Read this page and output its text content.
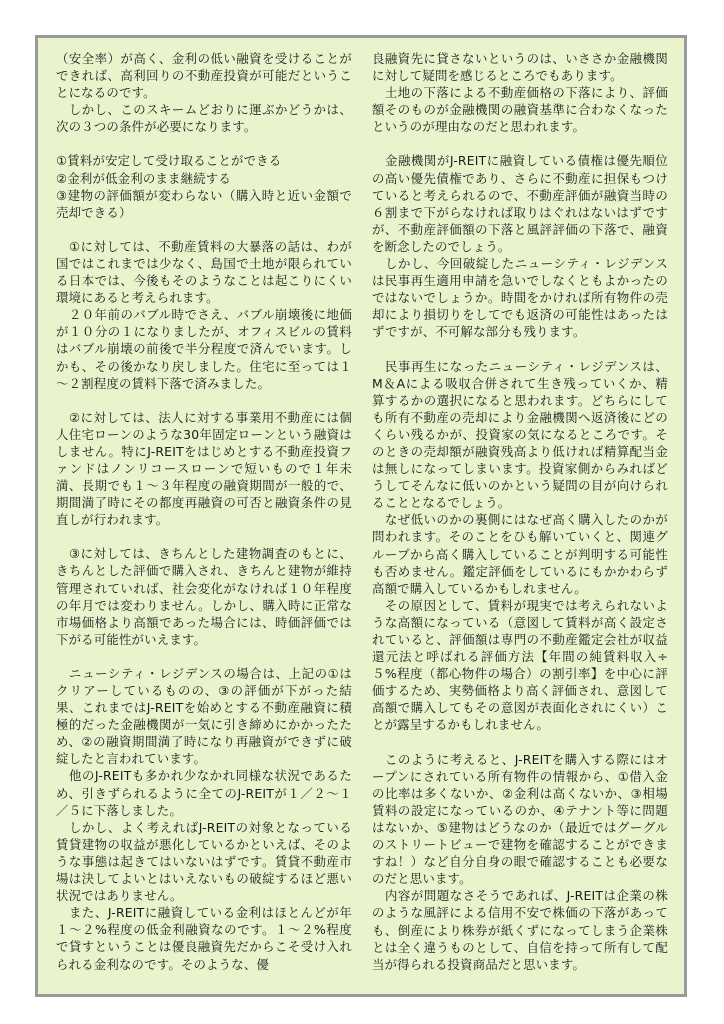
（安全率）が高く、金利の低い融資を受けることができれば、高利回りの不動産投資が可能だということになるのです。

　しかし、このスキームどおりに運ぶかどうかは、次の３つの条件が必要になります。

①賃料が安定して受け取ることができる

②金利が低金利のまま継続する

③建物の評価額が変わらない（購入時と近い金額で売却できる）

　①に対しては、不動産賃料の大暴落の話は、わが国ではこれまでは少なく、島国で土地が限られている日本では、今後もそのようなことは起こりにくい環境にあると考えられます。

　２０年前のバブル時でさえ、バブル崩壊後に地価が１０分の１になりましたが、オフィスビルの賃料はバブル崩壊の前後で半分程度で済んでいます。しかも、その後かなり戻しました。住宅に至っては１～２割程度の賃料下落で済みました。

　②に対しては、法人に対する事業用不動産には個人住宅ローンのような30年固定ローンという融資はしません。特にJ-REITをはじめとする不動産投資ファンドはノンリコースローンで短いもので１年未満、長期でも１～３年程度の融資期間が一般的で、期間満了時にその都度再融資の可否と融資条件の見直しが行われます。

　③に対しては、きちんとした建物調査のもとに、きちんとした評価で購入され、きちんと建物が維持管理されていれば、社会変化がなければ１０年程度の年月では変わりません。しかし、購入時に正常な市場価格より高額であった場合には、時価評価では下がる可能性がいえます。

　ニューシティ・レジデンスの場合は、上記の①はクリアーしているものの、③の評価が下がった結果、これまではJ-REITを始めとする不動産融資に積極的だった金融機関が一気に引き締めにかかったため、②の融資期間満了時になり再融資ができずに破綻したと言われています。

　他のJ-REITも多かれ少なかれ同様な状況であるため、引きずられるように全てのJ-REITが１／２～１／５に下落しました。

　しかし、よく考えればJ-REITの対象となっている賃貸建物の収益が悪化しているかといえば、そのような事態は起きてはいないはずです。賃貸不動産市場は決してよいとはいえないもの破綻するほど悪い状況ではありません。

　また、J-REITに融資している金利はほとんどが年１～２%程度の低金利融資なのです。１～２%程度で貸すということは優良融資先だからこそ受け入れられる金利なのです。そのような、優

良融資先に貸さないというのは、いささか金融機関に対して疑問を感じるところでもあります。

　土地の下落による不動産価格の下落により、評価額そのものが金融機関の融資基準に合わなくなったというのが理由なのだと思われます。

　金融機関がJ-REITに融資している債権は優先順位の高い優先債権であり、さらに不動産に担保もつけていると考えられるので、不動産評価が融資当時の６割まで下がらなければ取りはぐれはないはずですが、不動産評価額の下落と風評評価の下落で、融資を断念したのでしょう。

　しかし、今回破綻したニューシティ・レジデンスは民事再生適用申請を急いでしなくともよかったのではないでしょうか。時間をかければ所有物件の売却により損切りをしてでも返済の可能性はあったはずですが、不可解な部分も残ります。

　民事再生になったニューシティ・レジデンスは、M＆Aによる吸収合併されて生き残っていくか、精算するかの選択になると思われます。どちらにしても所有不動産の売却により金融機関へ返済後にどのくらい残るかが、投資家の気になるところです。そのときの売却額が融資残高より低ければ精算配当金は無しになってしまいます。投資家側からみればどうしてそんなに低いのかという疑問の目が向けられることとなるでしょう。

　なぜ低いのかの裏側にはなぜ高く購入したのかが問われます。そのことをひも解いていくと、関連グループから高く購入していることが判明する可能性も否めません。鑑定評価をしているにもかかわらず高額で購入しているかもしれません。

　その原因として、賃料が現実では考えられないような高額になっている（意図して賃料が高く設定されていると、評価額は専門の不動産鑑定会社が収益還元法と呼ばれる評価方法【年間の純賃料収入÷５%程度（都心物件の場合）の割引率】を中心に評価するため、実勢価格より高く評価され、意図して高額で購入してもその意図が表面化されにくい）ことが露呈するかもしれません。

　このように考えると、J-REITを購入する際にはオープンにされている所有物件の情報から、①借入金の比率は多くないか、②金利は高くないか、③相場賃料の設定になっているのか、④テナント等に問題はないか、⑤建物はどうなのか（最近ではグーグルのストリートビューで建物を確認することができますね！）など自分自身の眼で確認することも必要なのだと思います。

　内容が問題なさそうであれば、J-REITは企業の株のような風評による信用不安で株価の下落があっても、倒産により株券が紙くずになってしまう企業株とは全く違うものとして、自信を持って所有して配当が得られる投資商品だと思います。
